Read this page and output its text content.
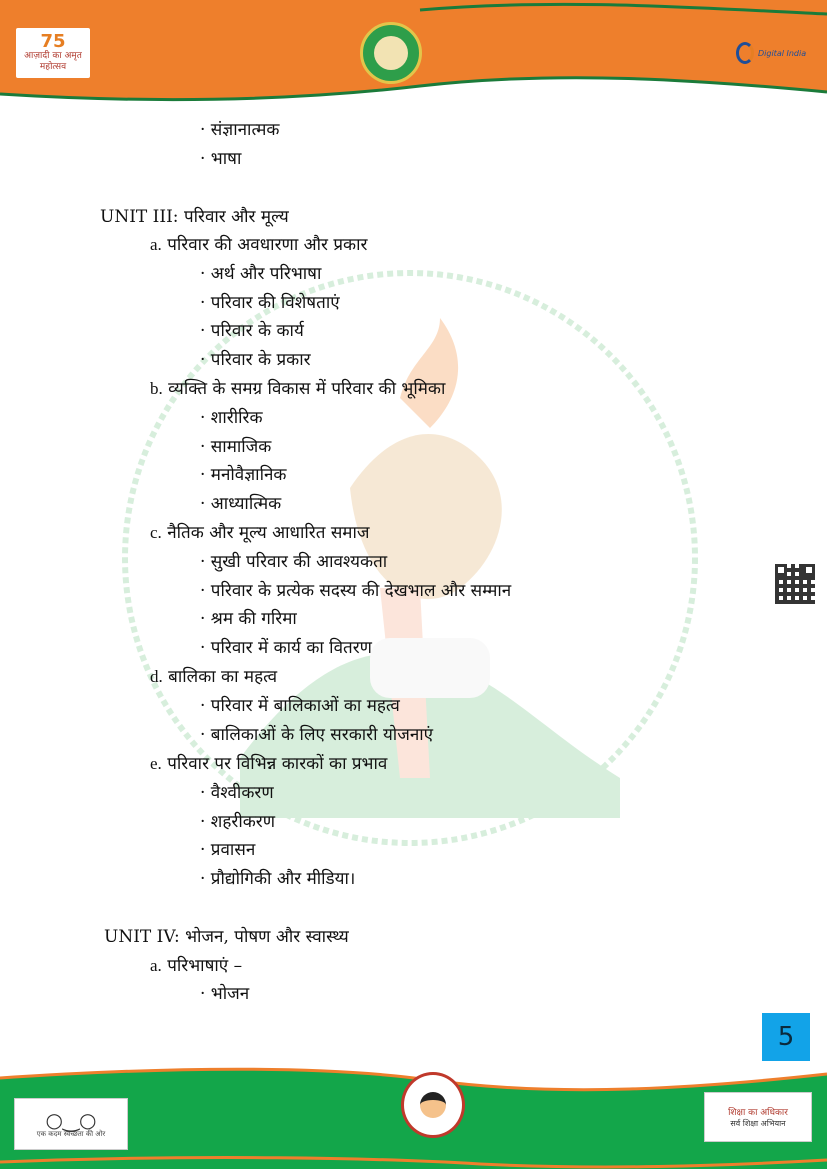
75
आज़ादी का अमृत महोत्सव
Digital India
· संज्ञानात्मक
· भाषा
UNIT III: परिवार और मूल्य
a. परिवार की अवधारणा और प्रकार
· अर्थ और परिभाषा
· परिवार की विशेषताएं
· परिवार के कार्य
· परिवार के प्रकार
b. व्यक्ति के समग्र विकास में परिवार की भूमिका
· शारीरिक
· सामाजिक
· मनोवैज्ञानिक
· आध्यात्मिक
c. नैतिक और मूल्य आधारित समाज
· सुखी परिवार की आवश्यकता
· परिवार के प्रत्येक सदस्य की देखभाल और सम्मान
· श्रम की गरिमा
· परिवार में कार्य का वितरण
d. बालिका का महत्व
· परिवार में बालिकाओं का महत्व
· बालिकाओं के लिए सरकारी योजनाएं
e. परिवार पर विभिन्न कारकों का प्रभाव
· वैश्वीकरण
· शहरीकरण
· प्रवासन
· प्रौद्योगिकी और मीडिया।
UNIT IV: भोजन, पोषण और स्वास्थ्य
a. परिभाषाएं –
· भोजन
5
○‿○
एक कदम स्वच्छता की ओर
शिक्षा का अधिकार
सर्व शिक्षा अभियान
